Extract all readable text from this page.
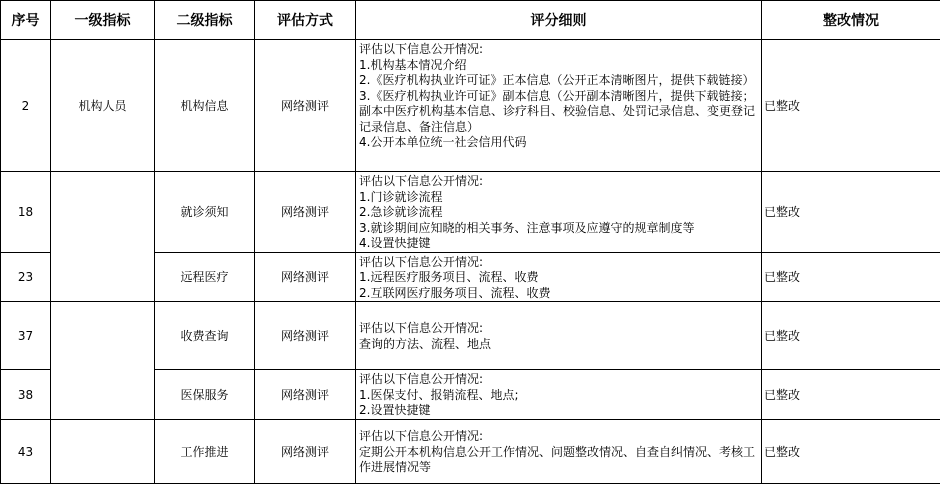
序号	一级指标	二级指标	评估方式	评分细则	整改情况
2	机构人员	机构信息	网络测评	评估以下信息公开情况:
1.机构基本情况介绍
2.《医疗机构执业许可证》正本信息（公开正本清晰图片，提供下载链接）
3.《医疗机构执业许可证》副本信息（公开副本清晰图片，提供下载链接；副本中医疗机构基本信息、诊疗科目、校验信息、处罚记录信息、变更登记记录信息、备注信息）
4.公开本单位统一社会信用代码	已整改
18		就诊须知	网络测评	评估以下信息公开情况:
1.门诊就诊流程
2.急诊就诊流程
3.就诊期间应知晓的相关事务、注意事项及应遵守的规章制度等
4.设置快捷键	已整改
23		远程医疗	网络测评	评估以下信息公开情况:
1.远程医疗服务项目、流程、收费
2.互联网医疗服务项目、流程、收费	已整改
37		收费查询	网络测评	评估以下信息公开情况:
查询的方法、流程、地点	已整改
38		医保服务	网络测评	评估以下信息公开情况:
1.医保支付、报销流程、地点;
2.设置快捷键	已整改
43		工作推进	网络测评	评估以下信息公开情况:
定期公开本机构信息公开工作情况、问题整改情况、自查自纠情况、考核工作进展情况等	已整改
